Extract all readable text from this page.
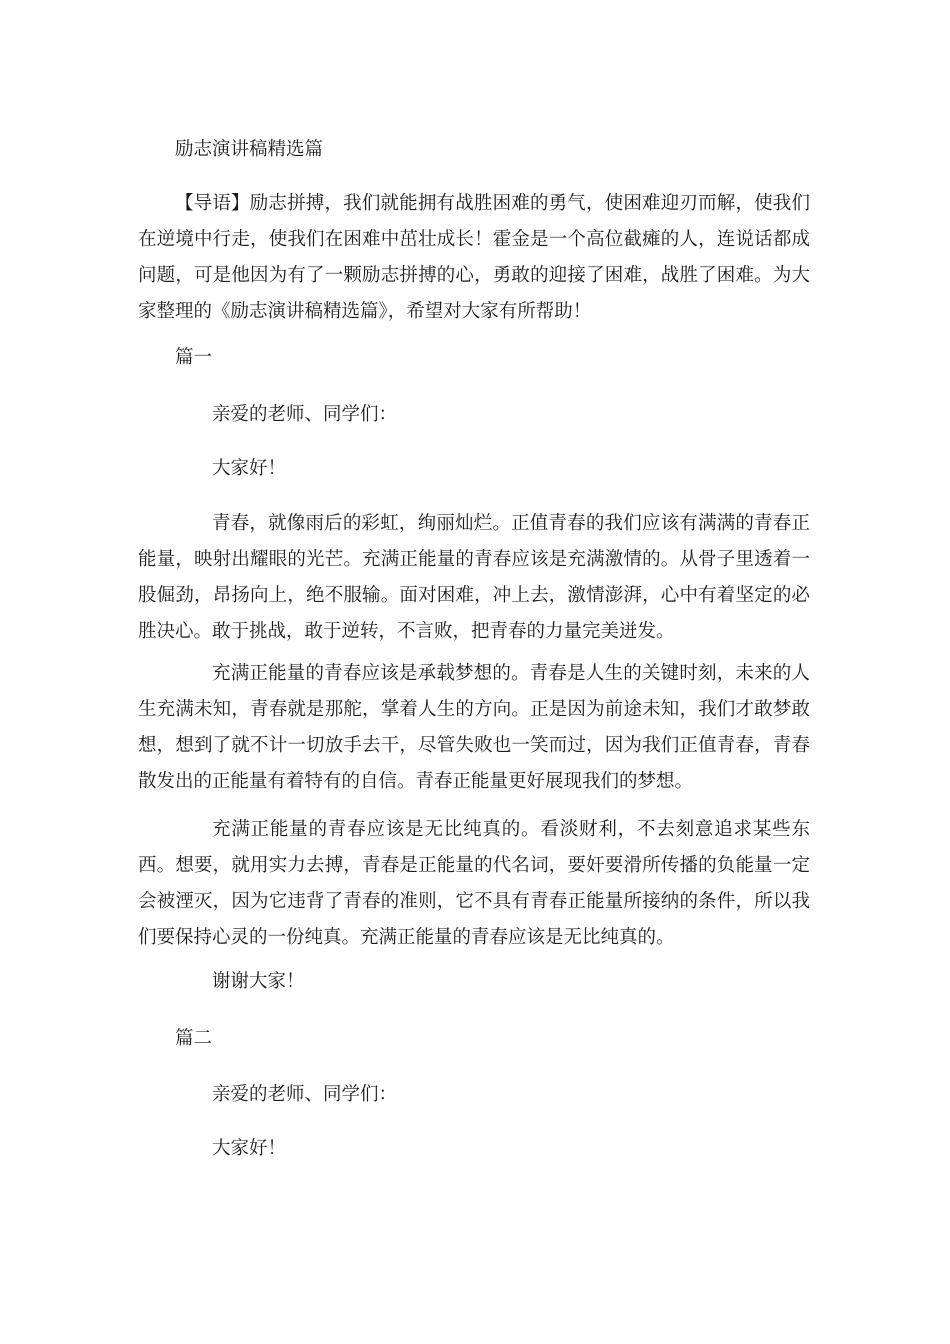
励志演讲稿精选篇
【导语】励志拼搏，我们就能拥有战胜困难的勇气，使困难迎刃而解，使我们在逆境中行走，使我们在困难中茁壮成长！霍金是一个高位截瘫的人，连说话都成问题，可是他因为有了一颗励志拼搏的心，勇敢的迎接了困难，战胜了困难。为大家整理的《励志演讲稿精选篇》，希望对大家有所帮助！
篇一
亲爱的老师、同学们：
大家好！
青春，就像雨后的彩虹，绚丽灿烂。正值青春的我们应该有满满的青春正能量，映射出耀眼的光芒。充满正能量的青春应该是充满激情的。从骨子里透着一股倔劲，昂扬向上，绝不服输。面对困难，冲上去，激情澎湃，心中有着坚定的必胜决心。敢于挑战，敢于逆转，不言败，把青春的力量完美迸发。
充满正能量的青春应该是承载梦想的。青春是人生的关键时刻，未来的人生充满未知，青春就是那舵，掌着人生的方向。正是因为前途未知，我们才敢梦敢想，想到了就不计一切放手去干，尽管失败也一笑而过，因为我们正值青春，青春散发出的正能量有着特有的自信。青春正能量更好展现我们的梦想。
充满正能量的青春应该是无比纯真的。看淡财利，不去刻意追求某些东西。想要，就用实力去搏，青春是正能量的代名词，要奸要滑所传播的负能量一定会被湮灭，因为它违背了青春的准则，它不具有青春正能量所接纳的条件，所以我们要保持心灵的一份纯真。充满正能量的青春应该是无比纯真的。
谢谢大家！
篇二
亲爱的老师、同学们：
大家好！
